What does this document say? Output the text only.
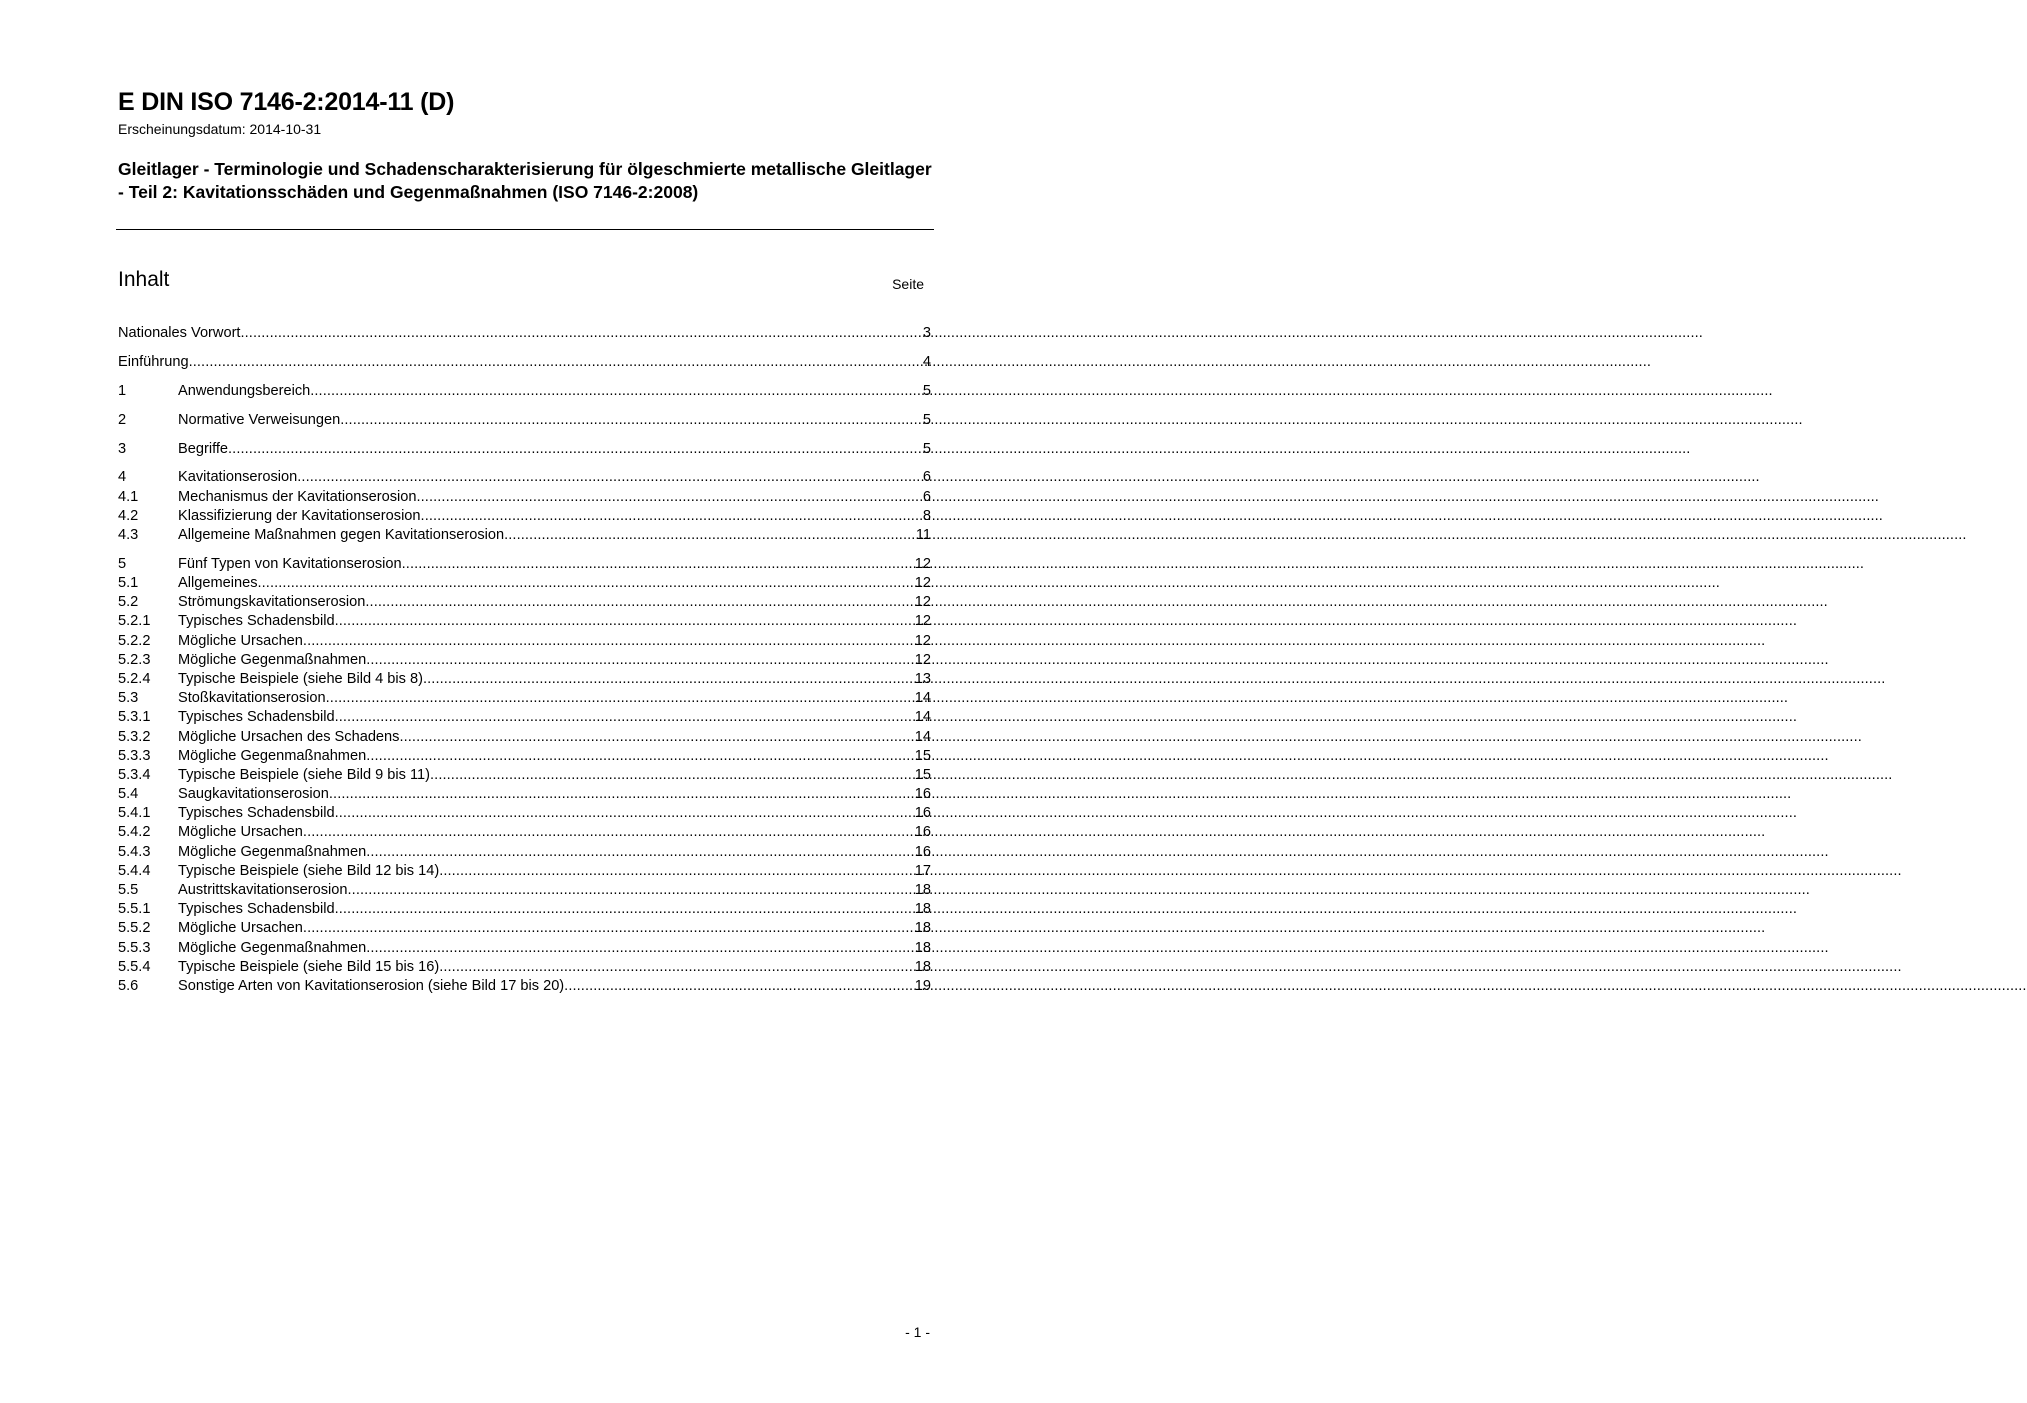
E DIN ISO 7146-2:2014-11 (D)
Erscheinungsdatum: 2014-10-31
Gleitlager - Terminologie und Schadenscharakterisierung für ölgeschmierte metallische Gleitlager - Teil 2: Kavitationsschäden und Gegenmaßnahmen (ISO 7146-2:2008)
Inhalt	Seite
Nationales Vorwort .....	3
Einführung .....	4
1	Anwendungsbereich .....	5
2	Normative Verweisungen .....	5
3	Begriffe .....	5
4	Kavitationserosion .....	6
4.1	Mechanismus der Kavitationserosion .....	6
4.2	Klassifizierung der Kavitationserosion .....	8
4.3	Allgemeine Maßnahmen gegen Kavitationserosion .....	11
5	Fünf Typen von Kavitationserosion .....	12
5.1	Allgemeines .....	12
5.2	Strömungskavitationserosion .....	12
5.2.1	Typisches Schadensbild .....	12
5.2.2	Mögliche Ursachen .....	12
5.2.3	Mögliche Gegenmaßnahmen .....	12
5.2.4	Typische Beispiele (siehe Bild 4 bis 8) .....	13
5.3	Stoßkavitationserosion .....	14
5.3.1	Typisches Schadensbild .....	14
5.3.2	Mögliche Ursachen des Schadens .....	14
5.3.3	Mögliche Gegenmaßnahmen .....	15
5.3.4	Typische Beispiele (siehe Bild 9 bis 11) .....	15
5.4	Saugkavitationserosion .....	16
5.4.1	Typisches Schadensbild .....	16
5.4.2	Mögliche Ursachen .....	16
5.4.3	Mögliche Gegenmaßnahmen .....	16
5.4.4	Typische Beispiele (siehe Bild 12 bis 14) .....	17
5.5	Austrittskavitationserosion .....	18
5.5.1	Typisches Schadensbild .....	18
5.5.2	Mögliche Ursachen .....	18
5.5.3	Mögliche Gegenmaßnahmen .....	18
5.5.4	Typische Beispiele (siehe Bild 15 bis 16) .....	18
5.6	Sonstige Arten von Kavitationserosion (siehe Bild 17 bis 20) .....	19
- 1 -
